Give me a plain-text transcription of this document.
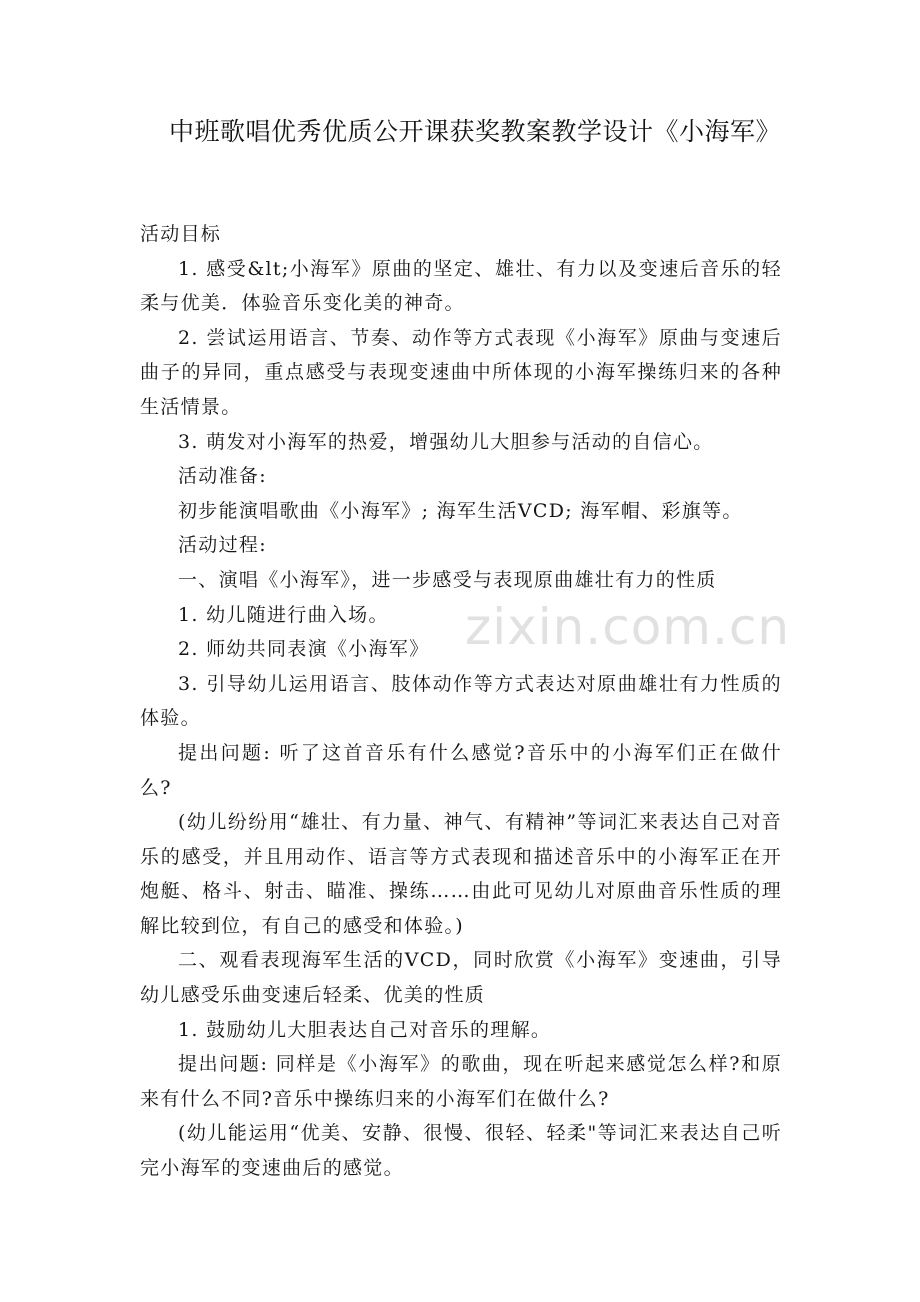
中班歌唱优秀优质公开课获奖教案教学设计《小海军》

活动目标

1. 感受&lt;小海军》原曲的坚定、雄壮、有力以及变速后音乐的轻柔与优美．体验音乐变化美的神奇。

2. 尝试运用语言、节奏、动作等方式表现《小海军》原曲与变速后曲子的异同，重点感受与表现变速曲中所体现的小海军操练归来的各种生活情景。

3. 萌发对小海军的热爱，增强幼儿大胆参与活动的自信心。

活动准备:

初步能演唱歌曲《小海军》; 海军生活VCD; 海军帽、彩旗等。

活动过程:

一、演唱《小海军》，进一步感受与表现原曲雄壮有力的性质

1. 幼儿随进行曲入场。

2. 师幼共同表演《小海军》

3. 引导幼儿运用语言、肢体动作等方式表达对原曲雄壮有力性质的体验。

提出问题: 听了这首音乐有什么感觉?音乐中的小海军们正在做什么?

(幼儿纷纷用“雄壮、有力量、神气、有精神”等词汇来表达自己对音乐的感受，并且用动作、语言等方式表现和描述音乐中的小海军正在开炮艇、格斗、射击、瞄准、操练……由此可见幼儿对原曲音乐性质的理解比较到位，有自己的感受和体验。)

二、观看表现海军生活的VCD，同时欣赏《小海军》变速曲，引导幼儿感受乐曲变速后轻柔、优美的性质

1. 鼓励幼儿大胆表达自己对音乐的理解。

提出问题: 同样是《小海军》的歌曲，现在听起来感觉怎么样?和原来有什么不同?音乐中操练归来的小海军们在做什么?

(幼儿能运用“优美、安静、很慢、很轻、轻柔"等词汇来表达自己听完小海军的变速曲后的感觉。

zixin.com.cn
